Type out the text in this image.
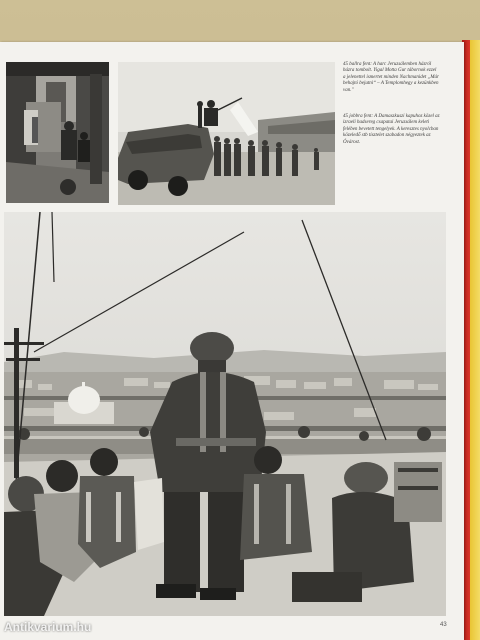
45 ballra fent: A harc Jeruzsálemben házról házra tombolt. Yigal Motta Gur tábornok ezzel a jelenettel ismertet minden Nachmanidet „Már behajtó bejutni“ – A Templomhegy a kezünkben van."
45 jobbra fent: A Damaszkuszi kapuhoz közel az izraeli hadsereg csapatai Jeruzsálem keleti felében bevetett tengelyek. A keresztes nyolcban közeledő stb tisztelet szabadon négyeztek az Óvárost.
43
Antikvarium.hu
